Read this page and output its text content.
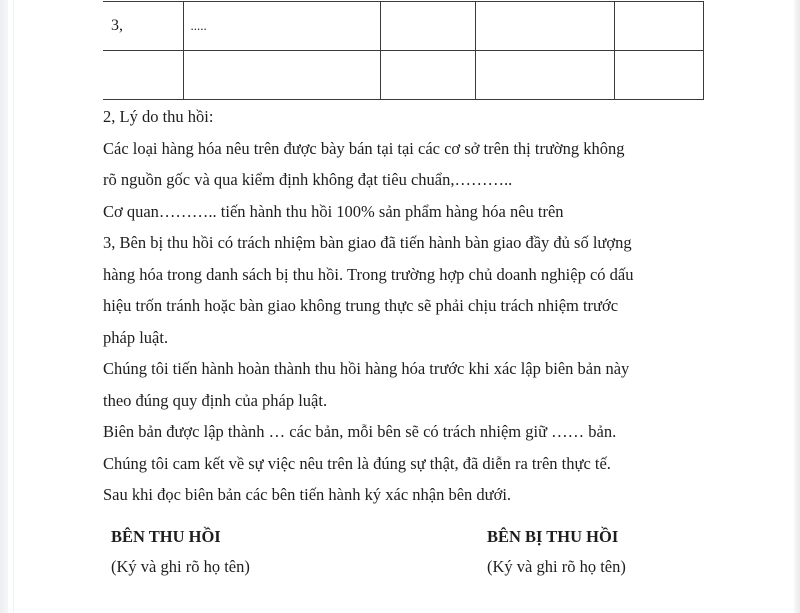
3,	.....			

2, Lý do thu hồi:

Các loại hàng hóa nêu trên được bày bán tại tại các cơ sở trên thị trường không

rõ nguồn gốc và qua kiểm định không đạt tiêu chuẩn,………..

Cơ quan……….. tiến hành thu hồi 100% sản phẩm hàng hóa nêu trên

3, Bên bị thu hồi có trách nhiệm bàn giao đã tiến hành bàn giao đầy đủ số lượng

hàng hóa trong danh sách bị thu hồi. Trong trường hợp chủ doanh nghiệp có dấu

hiệu trốn tránh hoặc bàn giao không trung thực sẽ phải chịu trách nhiệm trước

pháp luật.

Chúng tôi tiến hành hoàn thành thu hồi hàng hóa trước khi xác lập biên bản này

theo đúng quy định của pháp luật.

Biên bản được lập thành … các bản, mỗi bên sẽ có trách nhiệm giữ …… bản.

Chúng tôi cam kết về sự việc nêu trên là đúng sự thật, đã diễn ra trên thực tế.

Sau khi đọc biên bản các bên tiến hành ký xác nhận bên dưới.

BÊN THU HỒI
(Ký và ghi rõ họ tên)
BÊN BỊ THU HỒI
(Ký và ghi rõ họ tên)
